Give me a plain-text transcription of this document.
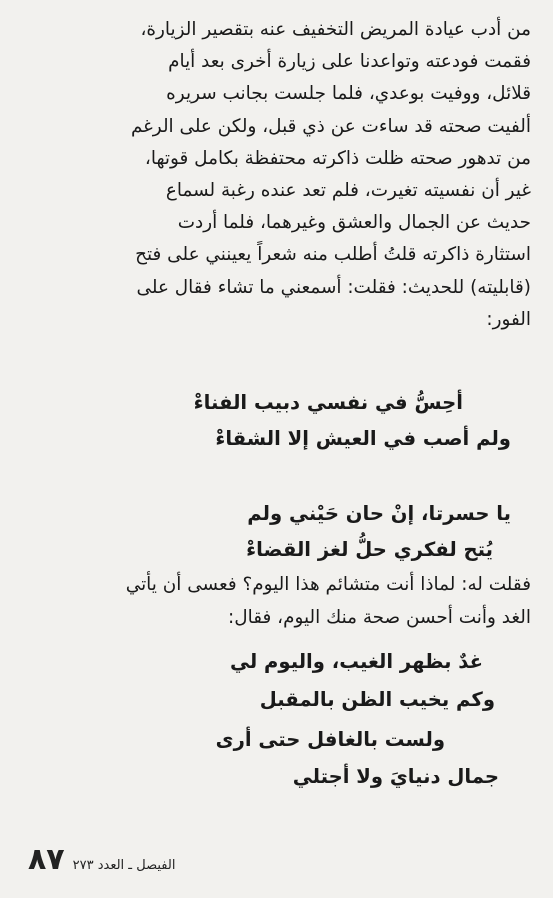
من أدب عيادة المريض التخفيف عنه بتقصير الزيارة،

فقمت فودعته وتواعدنا على زيارة أخرى بعد أيام

قلائل، ووفيت بوعدي، فلما جلست بجانب سريره

ألفيت صحته قد ساءت عن ذي قبل، ولكن على الرغم

من تدهور صحته ظلت ذاكرته محتفظة بكامل قوتها،

غير أن نفسيته تغيرت، فلم تعد عنده رغبة لسماع

حديث عن الجمال والعشق وغيرهما، فلما أردت

استثارة ذاكرته قلتُ أطلب منه شعراً يعينني على فتح

(قابليته) للحديث: فقلت: أسمعني ما تشاء فقال على

الفور:

أحِسُّ في نفسي دبيب الفناءْ
ولم أصب في العيش إلا الشقاءْ
يا حسرتا، إنْ حان حَيْني ولم
يُتح لفكري حلُّ لغز القضاءْ

فقلت له: لماذا أنت متشائم هذا اليوم؟ فعسى أن يأتي

الغد وأنت أحسن صحة منك اليوم، فقال:

غدٌ بظهر الغيب، واليوم لي
وكم يخيب الظن بالمقبل
ولست بالغافل حتى أرى
جمال دنيايَ ولا أجتلي
٨٧ الفيصل ـ العدد ٢٧٣
